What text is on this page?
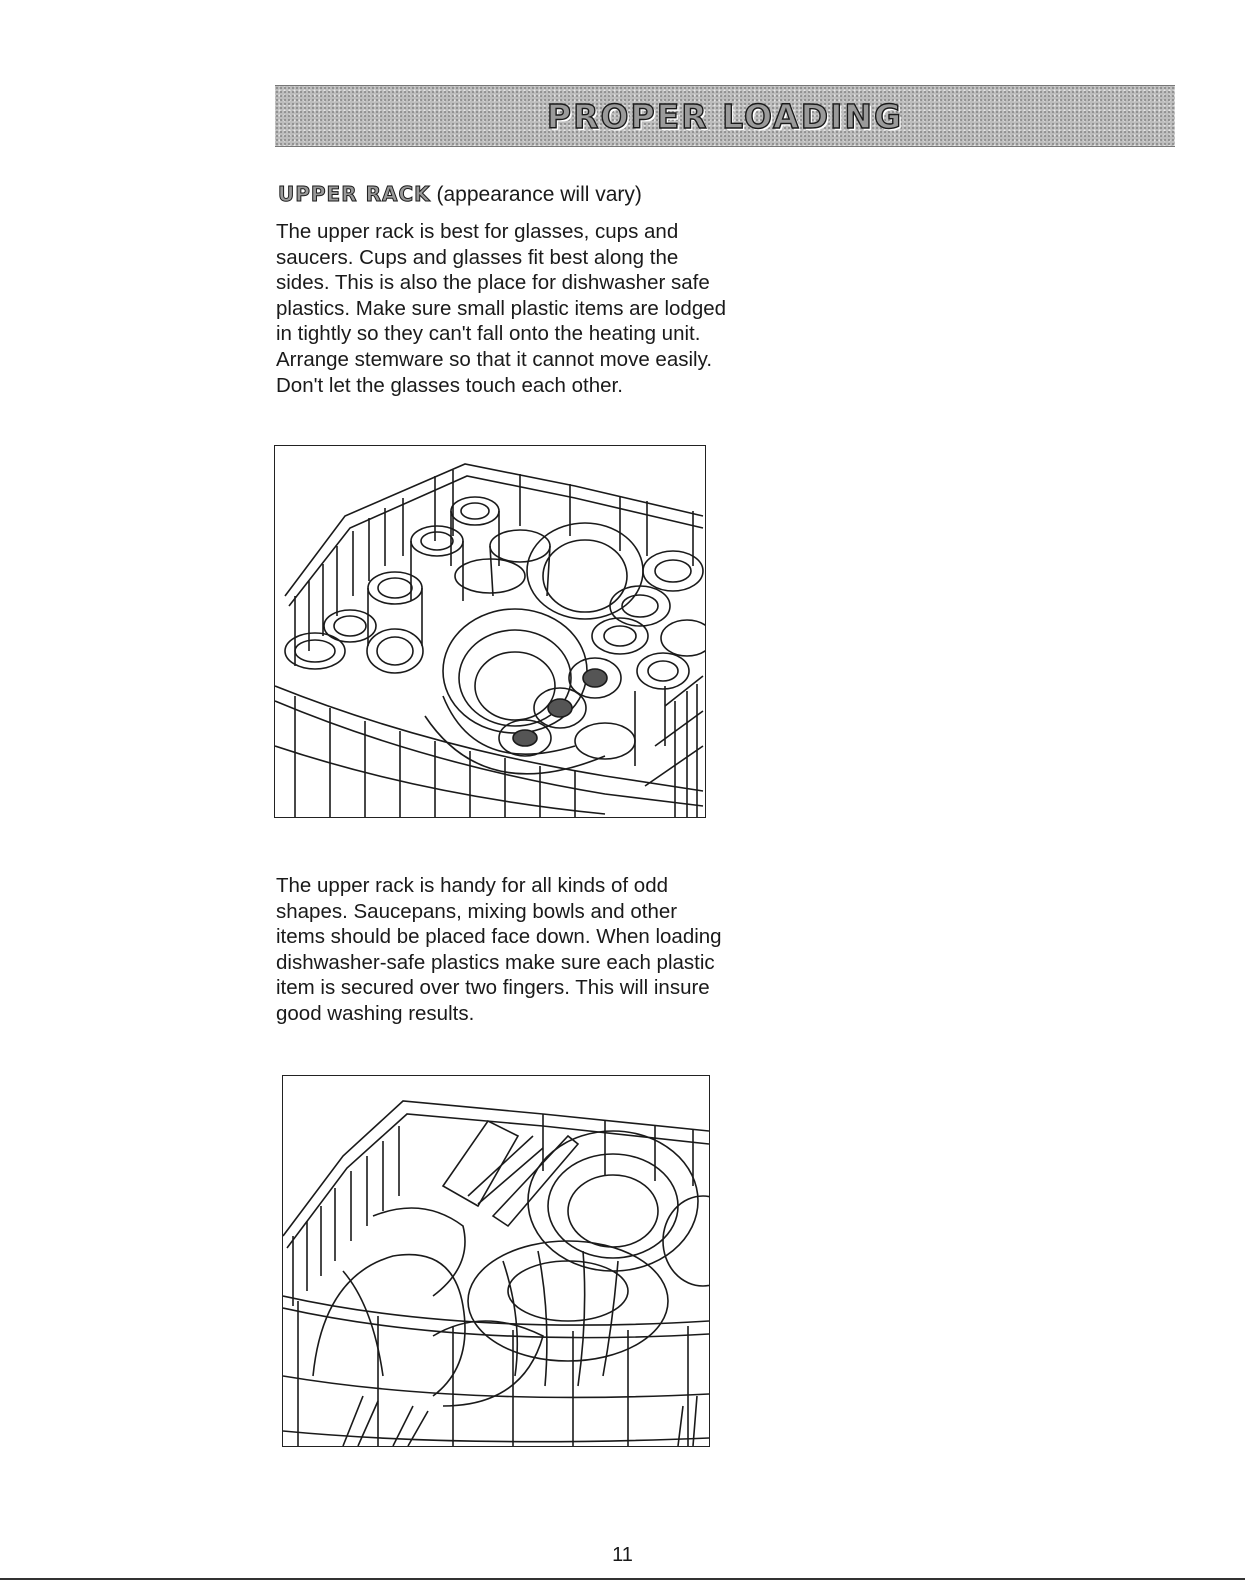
PROPER LOADING
UPPER RACK (appearance will vary)

The upper rack is best for glasses, cups and saucers. Cups and glasses fit best along the sides. This is also the place for dishwasher safe plastics. Make sure small plastic items are lodged in tightly so they can't fall onto the heating unit. Arrange stemware so that it cannot move easily. Don't let the glasses touch each other.

The upper rack is handy for all kinds of odd shapes. Saucepans, mixing bowls and other items should be placed face down. When loading dishwasher-safe plastics make sure each plastic item is secured over two fingers. This will insure good washing results.

11
